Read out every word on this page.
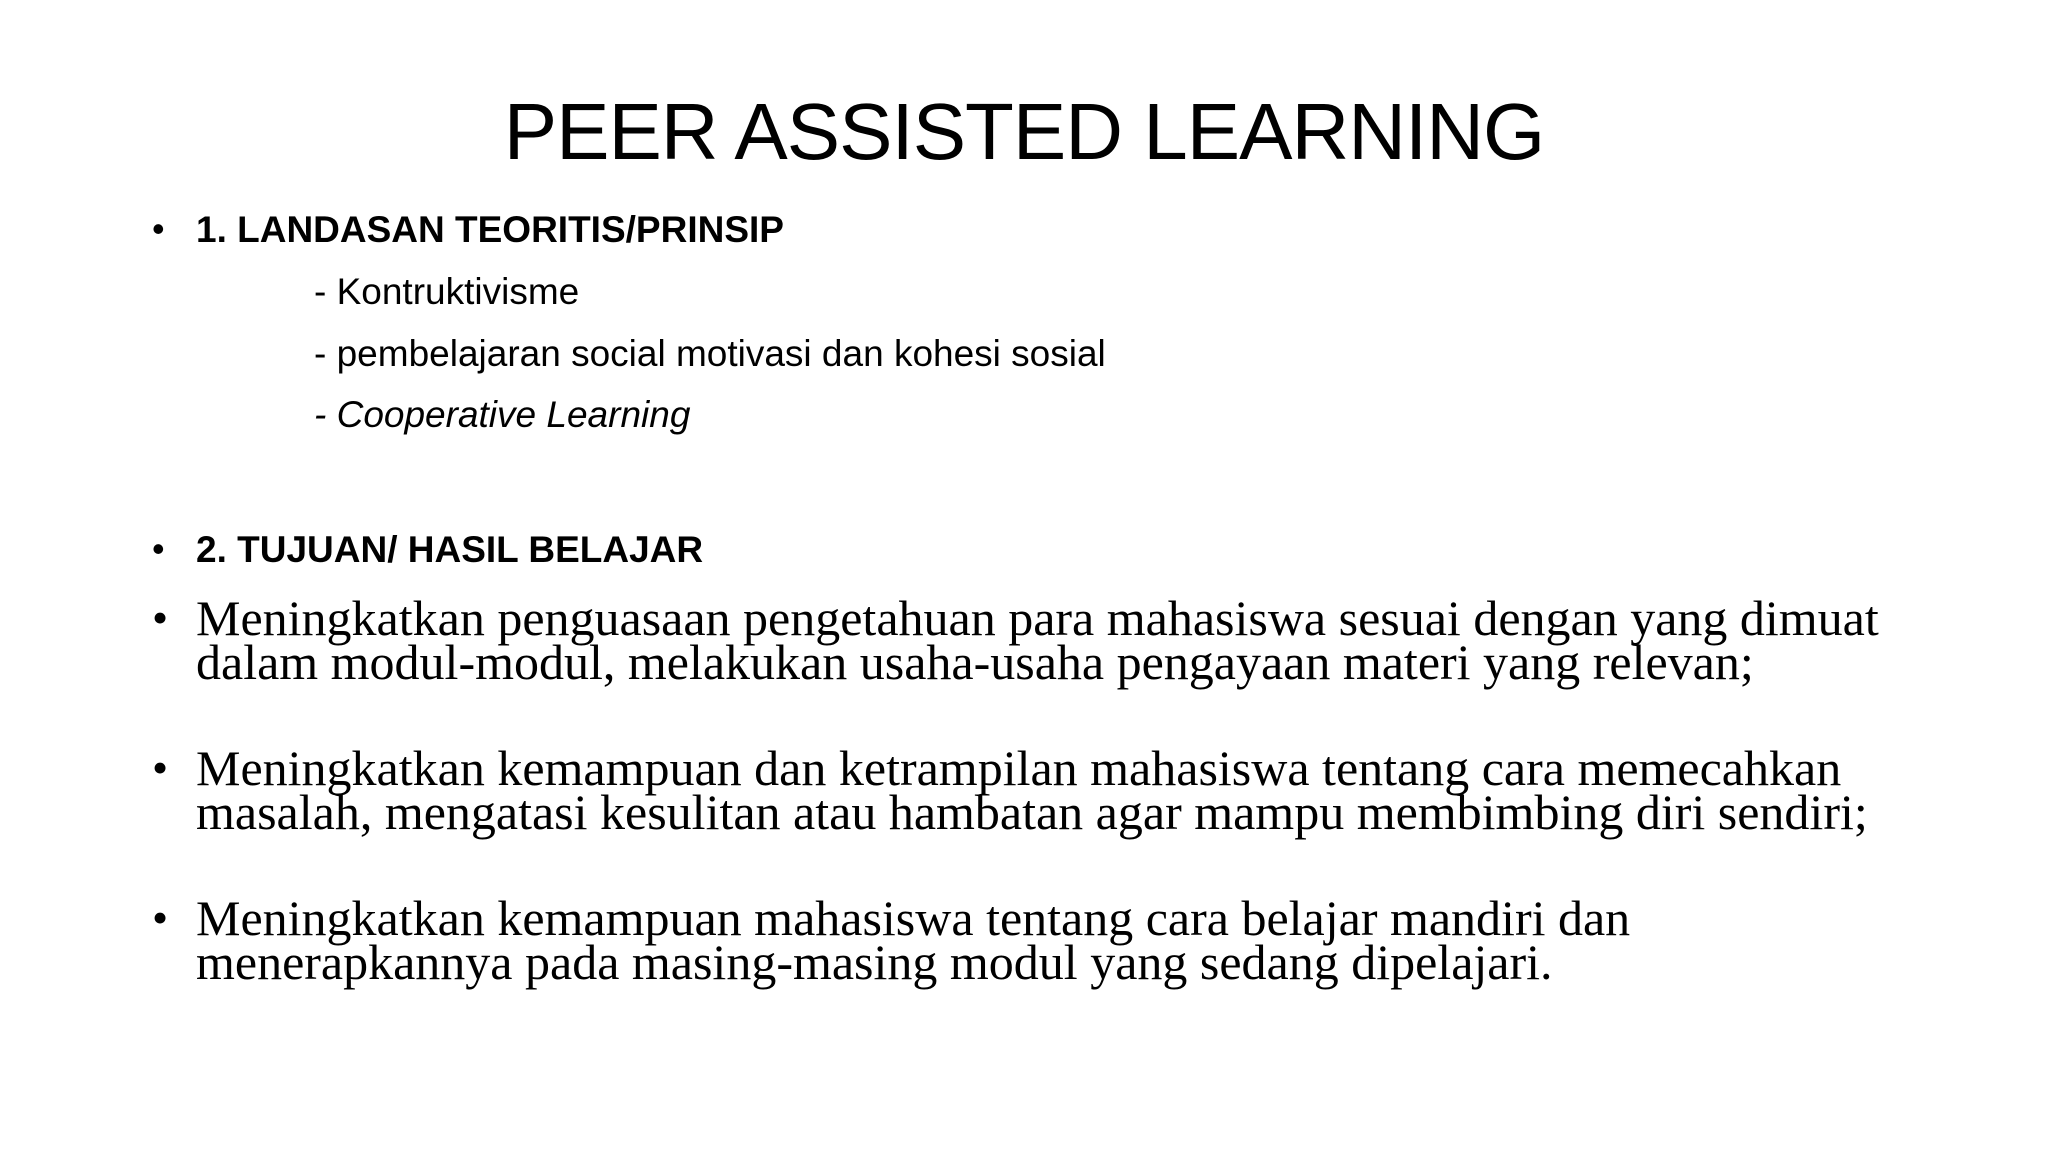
PEER ASSISTED LEARNING
• 1. LANDASAN TEORITIS/PRINSIP
- Kontruktivisme
- pembelajaran social motivasi dan kohesi sosial
- Cooperative Learning
• 2. TUJUAN/ HASIL BELAJAR
• Meningkatkan penguasaan pengetahuan para mahasiswa sesuai dengan yang dimuat dalam modul-modul, melakukan usaha-usaha pengayaan materi yang relevan;
• Meningkatkan kemampuan dan ketrampilan mahasiswa tentang cara memecahkan masalah, mengatasi kesulitan atau hambatan agar mampu membimbing diri sendiri;
• Meningkatkan kemampuan mahasiswa tentang cara belajar mandiri dan menerapkannya pada masing-masing modul yang sedang dipelajari.
